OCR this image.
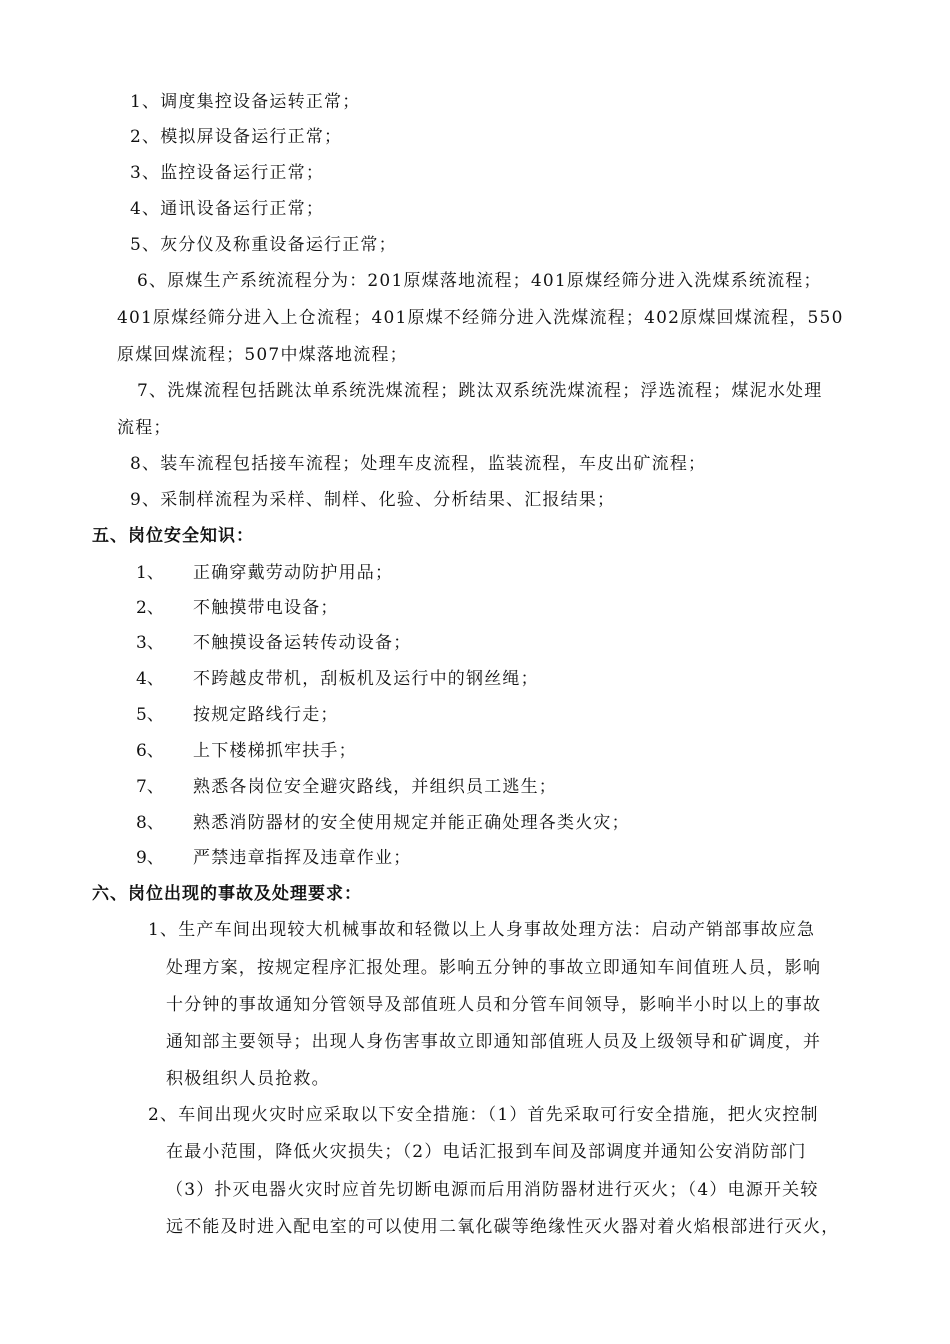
1、调度集控设备运转正常；
2、模拟屏设备运行正常；
3、监控设备运行正常；
4、通讯设备运行正常；
5、灰分仪及称重设备运行正常；
6、原煤生产系统流程分为：201原煤落地流程；401原煤经筛分进入洗煤系统流程；
401原煤经筛分进入上仓流程；401原煤不经筛分进入洗煤流程；402原煤回煤流程，550
原煤回煤流程；507中煤落地流程；
7、洗煤流程包括跳汰单系统洗煤流程；跳汰双系统洗煤流程；浮选流程；煤泥水处理
流程；
8、装车流程包括接车流程；处理车皮流程，监装流程，车皮出矿流程；
9、采制样流程为采样、制样、化验、分析结果、汇报结果；
五、岗位安全知识：
1、 正确穿戴劳动防护用品；
2、 不触摸带电设备；
3、 不触摸设备运转传动设备；
4、 不跨越皮带机，刮板机及运行中的钢丝绳；
5、 按规定路线行走；
6、 上下楼梯抓牢扶手；
7、 熟悉各岗位安全避灾路线，并组织员工逃生；
8、 熟悉消防器材的安全使用规定并能正确处理各类火灾；
9、 严禁违章指挥及违章作业；
六、岗位出现的事故及处理要求：
1、生产车间出现较大机械事故和轻微以上人身事故处理方法：启动产销部事故应急
处理方案，按规定程序汇报处理。影响五分钟的事故立即通知车间值班人员，影响
十分钟的事故通知分管领导及部值班人员和分管车间领导，影响半小时以上的事故
通知部主要领导；出现人身伤害事故立即通知部值班人员及上级领导和矿调度，并
积极组织人员抢救。
2、车间出现火灾时应采取以下安全措施：（1）首先采取可行安全措施，把火灾控制
在最小范围，降低火灾损失；（2）电话汇报到车间及部调度并通知公安消防部门
（3）扑灭电器火灾时应首先切断电源而后用消防器材进行灭火；（4）电源开关较
远不能及时进入配电室的可以使用二氧化碳等绝缘性灭火器对着火焰根部进行灭火，
